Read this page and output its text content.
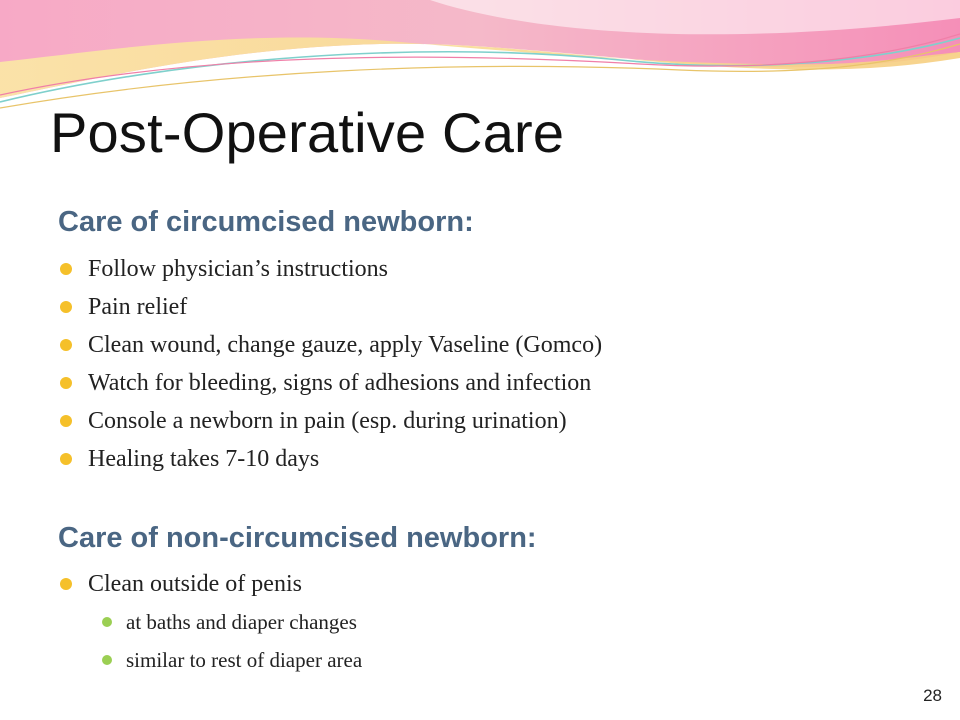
Post-Operative Care
Care of circumcised newborn:
Follow physician’s instructions
Pain relief
Clean wound, change gauze, apply Vaseline (Gomco)
Watch for bleeding, signs of adhesions and infection
Console a newborn in pain (esp. during urination)
Healing takes 7-10 days
Care of non-circumcised newborn:
Clean outside of penis
at baths and diaper changes
similar to rest of diaper area
28
